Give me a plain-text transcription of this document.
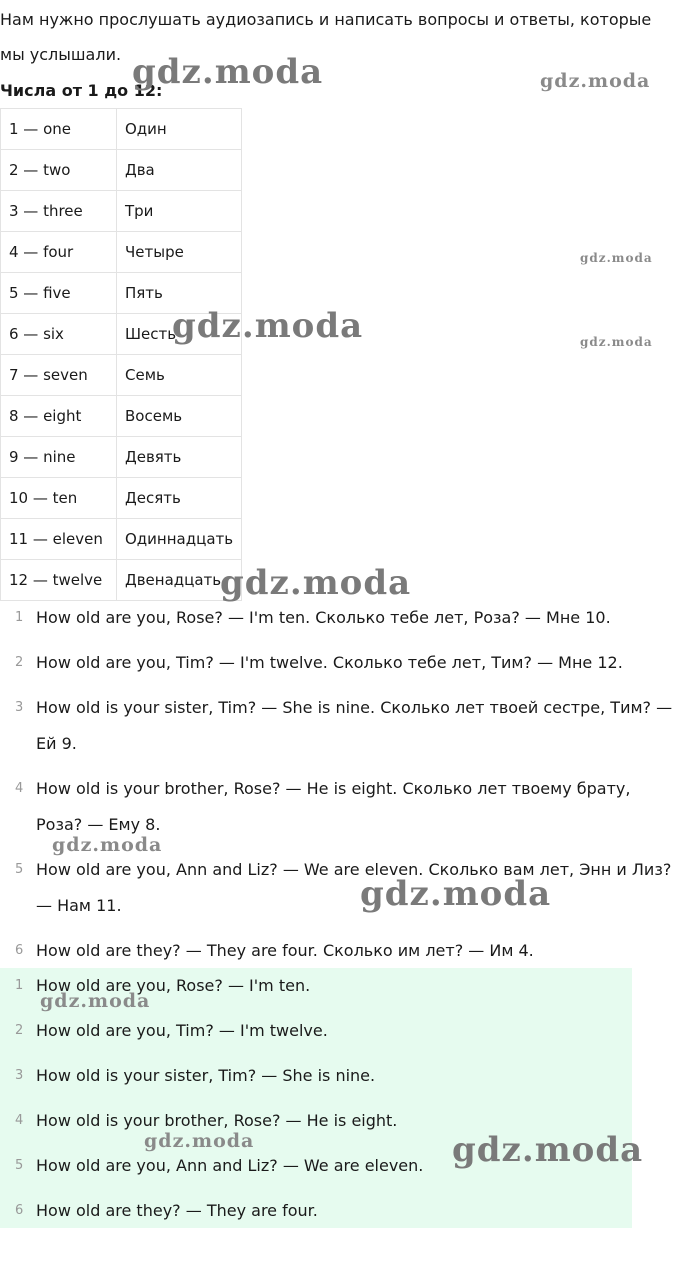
Нам нужно прослушать аудиозапись и написать вопросы и ответы, которые мы услышали.

Числа от 1 до 12:

1 — one	Один
2 — two	Два
3 — three	Три
4 — four	Четыре
5 — five	Пять
6 — six	Шесть
7 — seven	Семь
8 — eight	Восемь
9 — nine	Девять
10 — ten	Десять
11 — eleven	Одиннадцать
12 — twelve	Двенадцать
1 How old are you, Rose? — I'm ten. Сколько тебе лет, Роза? — Мне 10.
2 How old are you, Tim? — I'm twelve. Сколько тебе лет, Тим? — Мне 12.
3 How old is your sister, Tim? — She is nine. Сколько лет твоей сестре, Тим? — Ей 9.
4 How old is your brother, Rose? — He is eight. Сколько лет твоему брату, Роза? — Ему 8.
5 How old are you, Ann and Liz? — We are eleven. Сколько вам лет, Энн и Лиз? — Нам 11.
6 How old are they? — They are four. Сколько им лет? — Им 4.
1 How old are you, Rose? — I'm ten.
2 How old are you, Tim? — I'm twelve.
3 How old is your sister, Tim? — She is nine.
4 How old is your brother, Rose? — He is eight.
5 How old are you, Ann and Liz? — We are eleven.
6 How old are they? — They are four.
gdz.moda	gdz.moda
gdz.moda
gdz.moda	gdz.moda
gdz.moda
gdz.moda
gdz.moda
gdz.moda
gdz.moda	gdz.moda
